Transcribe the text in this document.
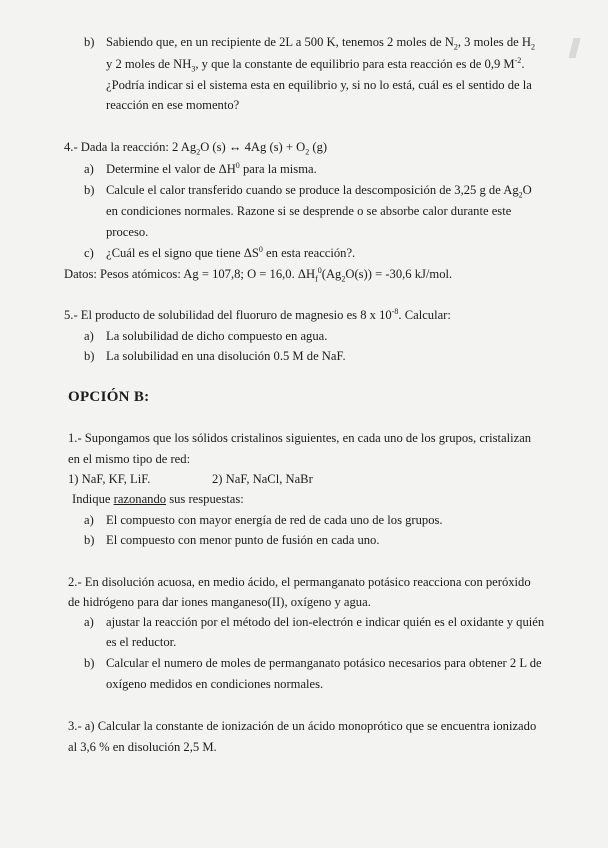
b) Sabiendo que, en un recipiente de 2L a 500 K, tenemos 2 moles de $N_2$, 3 moles de $H_2$
y 2 moles de $NH_3$, y que la constante de equilibrio para esta reacción es de 0,9 $M^{-2}$.
¿Podría indicar si el sistema esta en equilibrio y, si no lo está, cuál es el sentido de la
reacción en ese momento?
4.- Dada la reacción: 2 $Ag_2O$ (s) ↔ 4Ag $(s) + O_2$ (g)
a) Determine el valor de $\Delta H^0$ para la misma.
b) Calcule el calor transferido cuando se produce la descomposición de 3,25 g de $Ag_2O$
en condiciones normales. Razone si se desprende o se absorbe calor durante este
proceso.
c) ¿Cuál es el signo que tiene $\Delta S^0$ en esta reacción?.
Datos: Pesos atómicos: Ag = 107,8; O = 16,0. $\Delta H_f^0(Ag_2O(s)) = -30,6$ kJ/mol.
5.- El producto de solubilidad del fluoruro de magnesio es 8 x $10^{-8}$. Calcular:
a) La solubilidad de dicho compuesto en agua.
b) La solubilidad en una disolución 0.5 M de NaF.
OPCIÓN B:
1.- Supongamos que los sólidos cristalinos siguientes, en cada uno de los grupos, cristalizan
en el mismo tipo de red:
1) NaF, KF, LiF.	2) NaF, NaCl, NaBr
Indique razonando sus respuestas:
a) El compuesto con mayor energía de red de cada uno de los grupos.
b) El compuesto con menor punto de fusión en cada uno.
2.- En disolución acuosa, en medio ácido, el permanganato potásico reacciona con peróxido
de hidrógeno para dar iones manganeso(II), oxígeno y agua.
a) ajustar la reacción por el método del ion-electrón e indicar quién es el oxidante y quién
es el reductor.
b) Calcular el numero de moles de permanganato potásico necesarios para obtener 2 L de
oxígeno medidos en condiciones normales.
3.- a) Calcular la constante de ionización de un ácido monoprótico que se encuentra ionizado
al 3,6 % en disolución 2,5 M.
